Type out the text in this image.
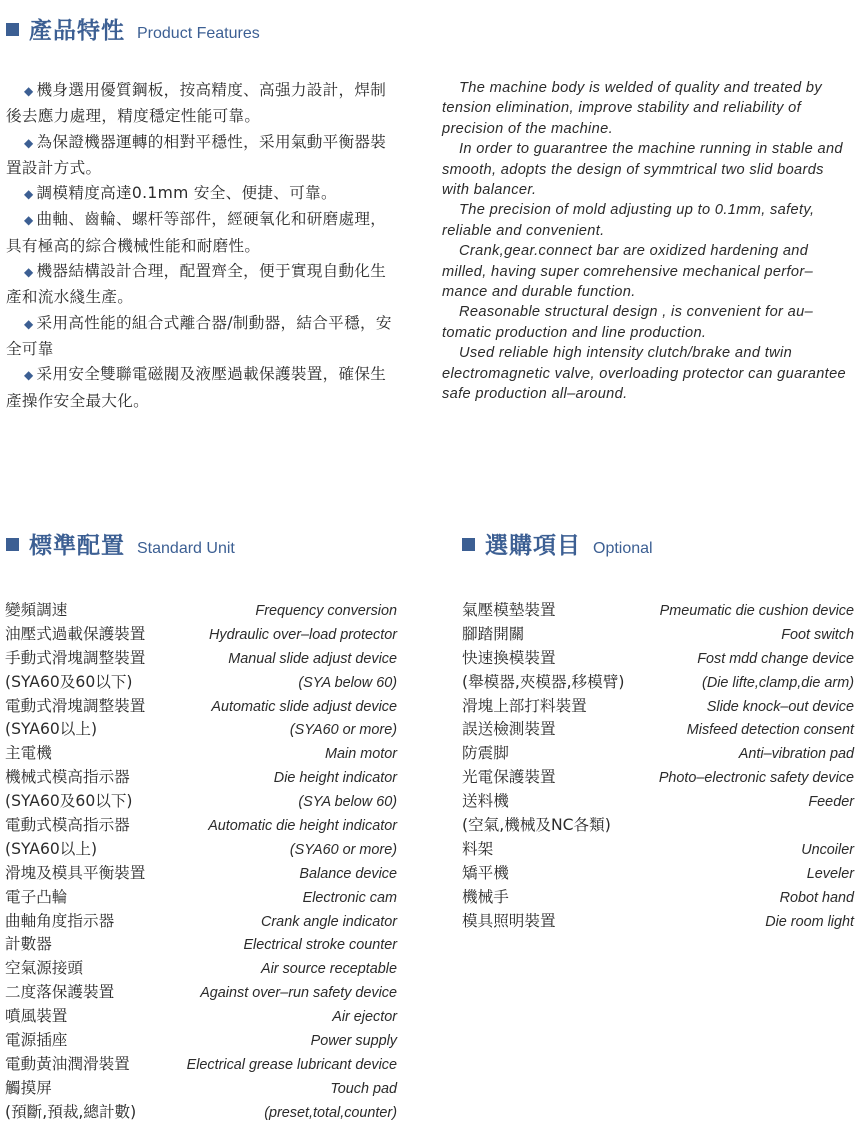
產品特性 Product Features

◆ 機身選用優質鋼板，按高精度、高强力設計，焊制後去應力處理，精度穩定性能可靠。

◆ 為保證機器運轉的相對平穩性，采用氣動平衡器裝置設計方式。

◆ 調模精度高達0.1mm 安全、便捷、可靠。

◆ 曲軸、齒輪、螺杆等部件，經硬氧化和研磨處理，具有極高的綜合機械性能和耐磨性。

◆ 機器結構設計合理，配置齊全，便于實現自動化生產和流水綫生產。

◆ 采用高性能的組合式離合器/制動器，結合平穩，安全可靠

◆ 采用安全雙聯電磁閥及液壓過載保護裝置，確保生產操作安全最大化。

The machine body is welded of quality and treated by tension elimination, improve stability and reliability of precision of the machine.

In order to guarantree the machine running in stable and smooth, adopts the design of symmtrical two slid boards with balancer.

The precision of mold adjusting up to 0.1mm, safety, reliable and convenient.

Crank,gear.connect bar are oxidized hardening and milled, having super comrehensive mechanical perfor–mance and durable function.

Reasonable structural design , is convenient for au–tomatic production and line production.

Used reliable high intensity clutch/brake and twin electromagnetic valve, overloading protector can guarantee safe production all–around.

標準配置 Standard Unit	選購項目 Optional
變頻調速	Frequency conversion
油壓式過載保護裝置	Hydraulic over–load protector
手動式滑塊調整裝置	Manual slide adjust device
(SYA60及60以下)	(SYA below 60)
電動式滑塊調整裝置	Automatic slide adjust device
(SYA60以上)	(SYA60 or more)
主電機	Main motor
機械式模高指示器	Die height indicator
(SYA60及60以下)	(SYA below 60)
電動式模高指示器	Automatic die height indicator
(SYA60以上)	(SYA60 or more)
滑塊及模具平衡裝置	Balance device
電子凸輪	Electronic cam
曲軸角度指示器	Crank angle indicator
計數器	Electrical stroke counter
空氣源接頭	Air source receptable
二度落保護裝置	Against over–run safety device
噴風裝置	Air ejector
電源插座	Power supply
電動黃油潤滑裝置	Electrical grease lubricant device
觸摸屏	Touch pad
(預斷,預裁,總計數)	(preset,total,counter)
氣壓模墊裝置	Pmeumatic die cushion device
腳踏開關	Foot switch
快速換模裝置	Fost mdd change device
(舉模器,夾模器,移模臂)	(Die lifte,clamp,die arm)
滑塊上部打料裝置	Slide knock–out device
誤送檢測裝置	Misfeed detection consent
防震脚	Anti–vibration pad
光電保護裝置	Photo–electronic safety device
送料機	Feeder
(空氣,機械及NC各類)
料架	Uncoiler
矯平機	Leveler
機械手	Robot hand
模具照明裝置	Die room light
